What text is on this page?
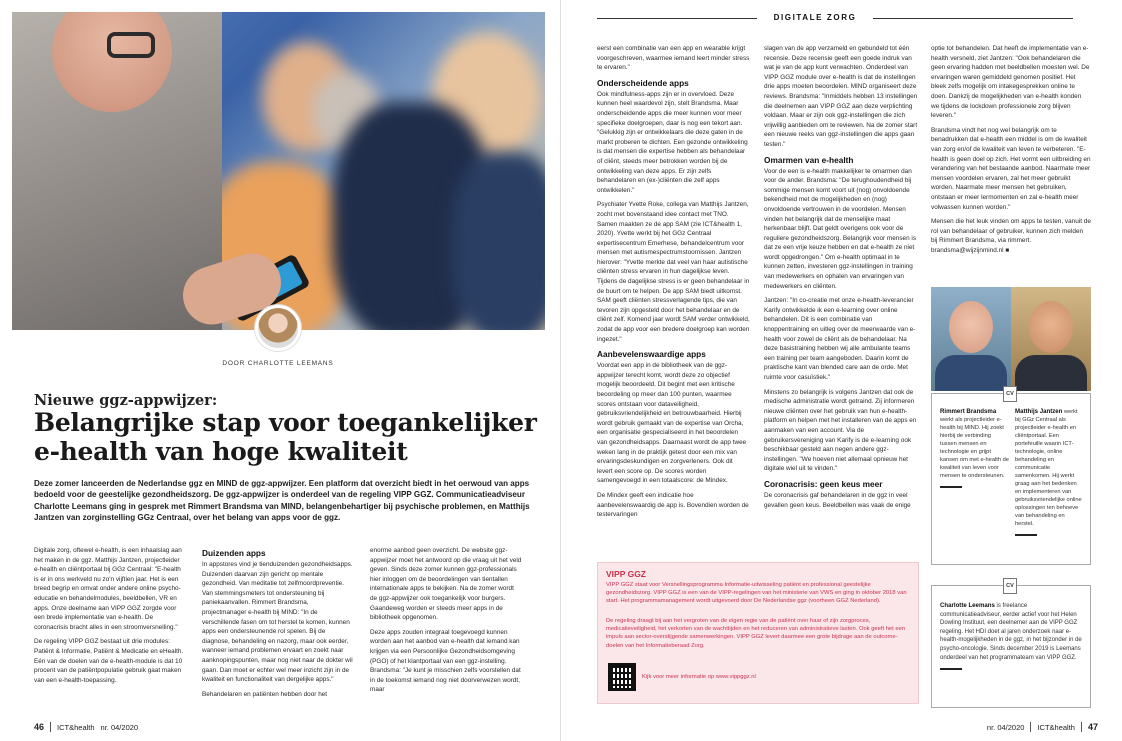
DOOR CHARLOTTE LEEMANS
Nieuwe ggz-appwijzer:
Belangrijke stap voor toegankelijker e-health van hoge kwaliteit
Deze zomer lanceerden de Nederlandse ggz en MIND de ggz-appwijzer. Een platform dat overzicht biedt in het oerwoud van apps bedoeld voor de geestelijke gezondheidszorg. De ggz-appwijzer is onderdeel van de regeling VIPP GGZ. Communicatieadviseur Charlotte Leemans ging in gesprek met Rimmert Brandsma van MIND, belangenbehartiger bij psychische problemen, en Matthijs Jantzen van zorginstelling GGz Centraal, over het belang van apps voor de ggz.

Digitale zorg, oftewel e-health, is een inhaalslag aan het maken in de ggz. Matthijs Jantzen, projectleider e-health en cliëntportaal bij GGz Centraal: "E-health is er in ons werkveld nu zo'n vijftien jaar. Het is een breed begrip en omvat onder andere online psycho-educatie en behandelmodules, beeldbellen, VR en apps. Onze deelname aan VIPP GGZ zorgde voor een brede implementatie van e-health. De coronacrisis bracht alles in een stroomversnelling."

De regeling VIPP GGZ bestaat uit drie modules: Patiënt & Informatie, Patiënt & Medicatie en eHealth. Eén van de doelen van de e-health-module is dat 10 procent van de patiëntpopulatie gebruik gaat maken van een e-health-toepassing.

Duizenden apps

In appstores vind je tienduizenden gezondheidsapps. Duizenden daarvan zijn gericht op mentale gezondheid. Van meditatie tot zelfmoordpreventie. Van stemmingsmeters tot ondersteuning bij paniekaanvallen. Rimmert Brandsma, projectmanager e-health bij MIND: "In de verschillende fasen om tot herstel te komen, kunnen apps een ondersteunende rol spelen. Bij de diagnose, behandeling en nazorg, maar ook eerder, wanneer iemand problemen ervaart en zoekt naar aanknopingspunten, maar nog niet naar de dokter wil gaan. Dan moet er echter wel meer inzicht zijn in de kwaliteit en functionaliteit van dergelijke apps."

Behandelaren en patiënten hebben door het

enorme aanbod geen overzicht. De website ggz-appwijzer moet het antwoord op die vraag uit het veld geven. Sinds deze zomer kunnen ggz-professionals hier inloggen om de beoordelingen van tientallen internationale apps te bekijken. Na de zomer wordt de ggz-appwijzer ook toegankelijk voor burgers. Gaandeweg worden er steeds meer apps in de bibliotheek opgenomen.

Deze apps zouden integraal toegevoegd kunnen worden aan het aanbod van e-health dat iemand kan krijgen via een Persoonlijke Gezondheidsomgeving (PGO) of het klantportaal van een ggz-instelling. Brandsma: "Je kunt je misschien zelfs voorstellen dat in de toekomst iemand nog niet doorverwezen wordt, maar

46 ICT&health nr. 04/2020
DIGITALE ZORG

eerst een combinatie van een app en wearable krijgt voorgeschreven, waarmee iemand leert minder stress te ervaren."

Onderscheidende apps

Ook mindfulness-apps zijn er in overvloed. Deze kunnen heel waardevol zijn, stelt Brandsma. Maar onderscheidende apps die meer kunnen voor meer specifieke doelgroepen, daar is nog een tekort aan. "Gelukkig zijn er ontwikkelaars die deze gaten in de markt proberen te dichten. Een gezonde ontwikkeling is dat mensen die expertise hebben als behandelaar of cliënt, steeds meer betrokken worden bij de ontwikkeling van deze apps. Er zijn zelfs behandelaren en (ex-)cliënten die zelf apps ontwikkelen."

Psychiater Yvette Roke, collega van Matthijs Jantzen, zocht met bovenstaand idee contact met TNO. Samen maakten ze de app SAM (zie ICT&health 1, 2020). Yvette werkt bij het GGz Centraal expertisecentrum Emerhese, behandelcentrum voor mensen met autismespectrumstoornissen. Jantzen hierover: "Yvette merkte dat veel van haar autistische cliënten stress ervaren in hun dagelijkse leven. Tijdens de dagelijkse stress is er geen behandelaar in de buurt om te helpen. De app SAM biedt uitkomst. SAM geeft cliënten stressverlagende tips, die van tevoren zijn opgesteld door het behandelaar en de cliënt zelf. Komend jaar wordt SAM verder ontwikkeld, zodat de app voor een bredere doelgroep kan worden ingezet."

Aanbevelenswaardige apps

Voordat een app in de bibliotheek van de ggz-appwijzer terecht komt, wordt deze zo objectief mogelijk beoordeeld. Dit begint met een kritische beoordeling op meer dan 100 punten, waarmee scores ontstaan voor dataveiligheid, gebruiksvriendelijkheid en betrouwbaarheid. Hierbij wordt gebruik gemaakt van de expertise van Orcha, een organisatie gespecialiseerd in het beoordelen van gezondheidsapps. Daarnaast wordt de app twee weken lang in de praktijk getest door een mix van ervaringsdeskundigen en zorgverleners. Ook dit levert een score op. De scores worden samengevoegd in een totaalscore: de Mindex.

De Mindex geeft een indicatie hoe aanbevelenswaardig de app is. Bovendien worden de testervaringen

slagen van de app verzameld en gebundeld tot één recensie. Deze recensie geeft een goede indruk van wat je van de app kunt verwachten. Onderdeel van VIPP GGZ module over e-health is dat de instellingen drie apps moeten beoordelen. MIND organiseert deze reviews. Brandsma: "Inmiddels hebben 13 instellingen die deelnemen aan VIPP GGZ aan deze verplichting voldaan. Maar er zijn ook ggz-instellingen die zich vrijwillig aanbieden om te reviewen. Na de zomer start een nieuwe reeks van ggz-instellingen die apps gaan testen."

Omarmen van e-health

Voor de een is e-health makkelijker te omarmen dan voor de ander. Brandsma: "De terughoudendheid bij sommige mensen komt voort uit (nog) onvoldoende bekendheid met de mogelijkheden en (nog) onvoldoende vertrouwen in de voordelen. Mensen vinden het belangrijk dat de menselijke maat herkenbaar blijft. Dat geldt overigens ook voor de reguliere gezondheidszorg. Belangrijk voor mensen is dat ze een vrije keuze hebben en dat e-health ze niet wordt opgedrongen." Om e-health optimaal in te kunnen zetten, investeren ggz-instellingen in training van medewerkers en ophalen van ervaringen van medewerkers en cliënten.

Jantzen: "In co-creatie met onze e-health-leverancier Karify ontwikkelde ik een e-learning over online behandelen. Dit is een combinatie van knoppentraining en uitleg over de meerwaarde van e-health voor zowel de cliënt als de behandelaar. Na deze basistraining hebben wij alle ambulante teams een training per team aangeboden. Daarin komt de praktische kant van blended care aan de orde. Met ruimte voor casuïstiek."

Minstens zo belangrijk is volgens Jantzen dat ook de medische administratie wordt getraind. Zij informeren nieuwe cliënten over het gebruik van hun e-health-platform en helpen met het installeren van de apps en aanmaken van een account. Via de gebruikersvereniging van Karify is de e-learning ook beschikbaar gesteld aan negen andere ggz-instellingen. "We hoeven niet allemaal opnieuw het digitale wiel uit te vinden."

Coronacrisis: geen keus meer

De coronacrisis gaf behandelaren in de ggz in veel gevallen geen keus. Beeldbellen was vaak de enige

optie tot behandelen. Dat heeft de implementatie van e-health versneld, ziet Jantzen: "Ook behandelaren die geen ervaring hadden met beeldbellen moesten wel. De ervaringen waren gemiddeld genomen positief. Het bleek zelfs mogelijk om intakegesprekken online te doen. Dankzij de mogelijkheden van e-health konden we tijdens de lockdown professionele zorg blijven leveren."

Brandsma vindt het nog wel belangrijk om te benadrukken dat e-health een middel is om de kwaliteit van zorg en/of de kwaliteit van leven te verbeteren. "E-health is geen doel op zich. Het vormt een uitbreiding en verandering van het bestaande aanbod. Naarmate meer mensen voordelen ervaren, zal het meer gebruikt worden. Naarmate meer mensen het gebruiken, ontstaan er meer lermomenten en zal e-health meer volwassen kunnen worden."

Mensen die het leuk vinden om apps te testen, vanuit de rol van behandelaar of gebruiker, kunnen zich melden bij Rimmert Brandsma, via rimmert. brandsma@wijzijnmind.nl ■

CV
Rimmert Brandsma werkt als projectleider e-health bij MIND. Hij zoekt hierbij de verbinding tussen mensen en technologie en grijpt kansen om met e-health de kwaliteit van leven voor mensen te ondersteunen.
Matthijs Jantzen werkt bij GGz Centraal als projectleider e-health en cliëntportaal. Een portefeuille waarin ICT-technologie, online behandeling en communicatie samenkomen. Hij werkt graag aan het bedenken en implementeren van gebruiksvriendelijke online oplossingen ten behoeve van behandeling en herstel.
CV
Charlotte Leemans is freelance communicatieadviseur, eerder actief voor het Helen Dowling Instituut, een deelnemer aan de VIPP GGZ regeling. Het HDI doet al jaren onderzoek naar e-health-mogelijkheden in de ggz, in het bijzonder in de psycho-oncologie. Sinds december 2019 is Leemans onderdeel van het programmateam van VIPP GGZ.
VIPP GGZ
VIPP GGZ staat voor Versnellingsprogramma Informatie-uitwisseling patiënt en professional geestelijke gezondheidszorg. VIPP GGZ is een van de VIPP-regelingen van het ministerie van VWS en ging in oktober 2018 van start. Het programmamanagement wordt uitgevoerd door De Nederlandse ggz (voorheen GGZ Nederland).
De regeling draagt bij aan het vergroten van de eigen regie van de patiënt over haar of zijn zorgproces, medicatieveiligheid, het verkorten van de wachttijden en het reduceren van administratieve lasten. Ook geeft het een impuls aan sector-overstijgende samenwerkingen. VIPP GGZ levert daarmee een grote bijdrage aan de outcome-doelen van het Informatieberaad Zorg.
Kijk voor meer informatie op www.vippggz.nl
nr. 04/2020 ICT&health 47
